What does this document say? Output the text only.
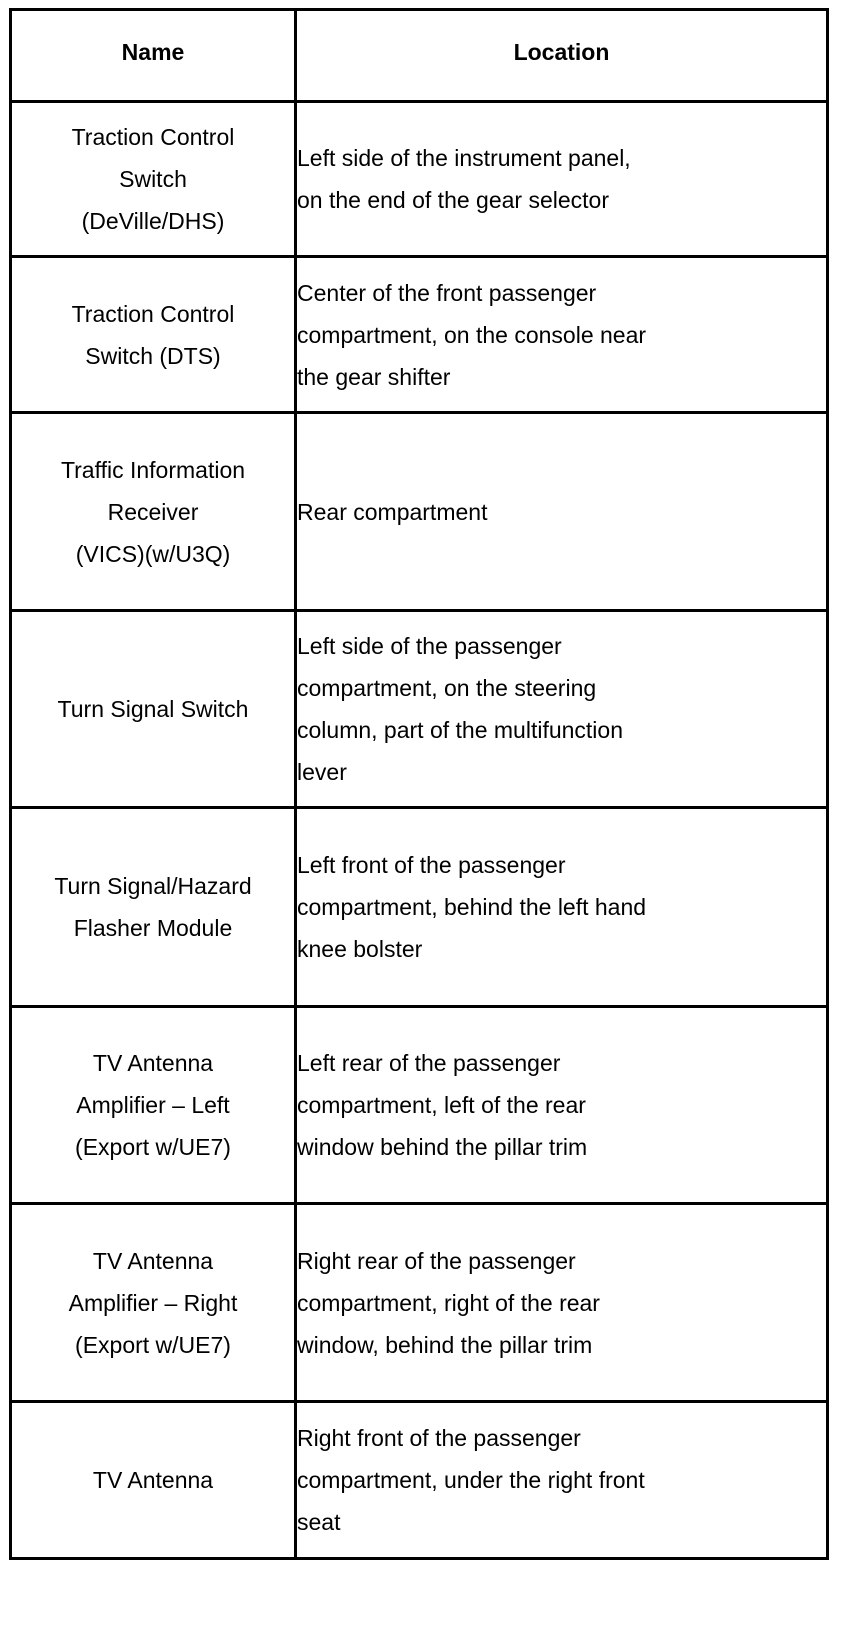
Name	Location

Traction Control
Switch
(DeVille/DHS)	Left side of the instrument panel,
on the end of the gear selector

Traction Control
Switch (DTS)	Center of the front passenger
compartment, on the console near
the gear shifter

Traffic Information
Receiver
(VICS)(w/U3Q)	Rear compartment

Turn Signal Switch	Left side of the passenger
compartment, on the steering
column, part of the multifunction
lever

Turn Signal/Hazard
Flasher Module	Left front of the passenger
compartment, behind the left hand
knee bolster

TV Antenna
Amplifier – Left
(Export w/UE7)	Left rear of the passenger
compartment, left of the rear
window behind the pillar trim

TV Antenna
Amplifier – Right
(Export w/UE7)	Right rear of the passenger
compartment, right of the rear
window, behind the pillar trim

TV Antenna	Right front of the passenger
compartment, under the right front
seat
